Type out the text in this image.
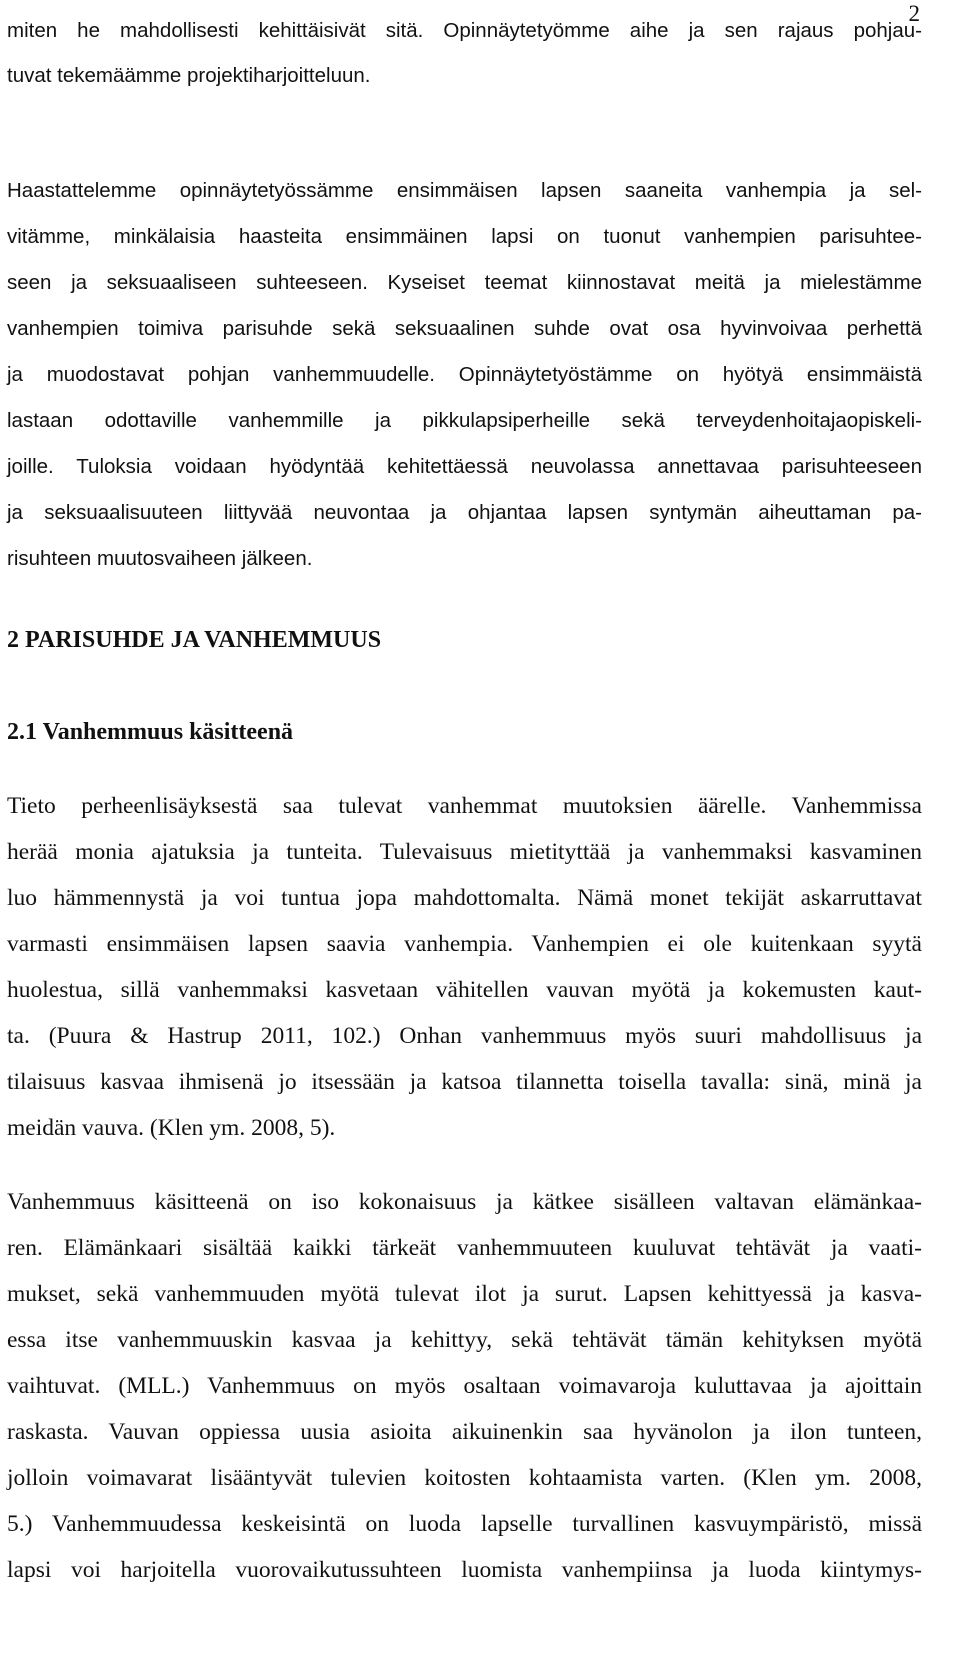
2
miten he mahdollisesti kehittäisivät sitä. Opinnäytetyömme aihe ja sen rajaus pohjau-
tuvat tekemäämme projektiharjoitteluun.
Haastattelemme opinnäytetyössämme ensimmäisen lapsen saaneita vanhempia ja sel-
vitämme, minkälaisia haasteita ensimmäinen lapsi on tuonut vanhempien parisuhtee-
seen ja seksuaaliseen suhteeseen. Kyseiset teemat kiinnostavat meitä ja mielestämme
vanhempien toimiva parisuhde sekä seksuaalinen suhde ovat osa hyvinvoivaa perhettä
ja muodostavat pohjan vanhemmuudelle. Opinnäytetyöstämme on hyötyä ensimmäistä
lastaan odottaville vanhemmille ja pikkulapsiperheille sekä terveydenhoitajaopiskeli-
joille. Tuloksia voidaan hyödyntää kehitettäessä neuvolassa annettavaa parisuhteeseen
ja seksuaalisuuteen liittyvää neuvontaa ja ohjantaa lapsen syntymän aiheuttaman pa-
risuhteen muutosvaiheen jälkeen.
2 PARISUHDE JA VANHEMMUUS
2.1 Vanhemmuus käsitteenä
Tieto perheenlisäyksestä saa tulevat vanhemmat muutoksien äärelle. Vanhemmissa
herää monia ajatuksia ja tunteita. Tulevaisuus mietityttää ja vanhemmaksi kasvaminen
luo hämmennystä ja voi tuntua jopa mahdottomalta. Nämä monet tekijät askarruttavat
varmasti ensimmäisen lapsen saavia vanhempia. Vanhempien ei ole kuitenkaan syytä
huolestua, sillä vanhemmaksi kasvetaan vähitellen vauvan myötä ja kokemusten kaut-
ta. (Puura & Hastrup 2011, 102.) Onhan vanhemmuus myös suuri mahdollisuus ja
tilaisuus kasvaa ihmisenä jo itsessään ja katsoa tilannetta toisella tavalla: sinä, minä ja
meidän vauva. (Klen ym. 2008, 5).
Vanhemmuus käsitteenä on iso kokonaisuus ja kätkee sisälleen valtavan elämänkaa-
ren. Elämänkaari sisältää kaikki tärkeät vanhemmuuteen kuuluvat tehtävät ja vaati-
mukset, sekä vanhemmuuden myötä tulevat ilot ja surut. Lapsen kehittyessä ja kasva-
essa itse vanhemmuuskin kasvaa ja kehittyy, sekä tehtävät tämän kehityksen myötä
vaihtuvat. (MLL.) Vanhemmuus on myös osaltaan voimavaroja kuluttavaa ja ajoittain
raskasta. Vauvan oppiessa uusia asioita aikuinenkin saa hyvänolon ja ilon tunteen,
jolloin voimavarat lisääntyvät tulevien koitosten kohtaamista varten. (Klen ym. 2008,
5.) Vanhemmuudessa keskeisintä on luoda lapselle turvallinen kasvuympäristö, missä
lapsi voi harjoitella vuorovaikutussuhteen luomista vanhempiinsa ja luoda kiintymys-
